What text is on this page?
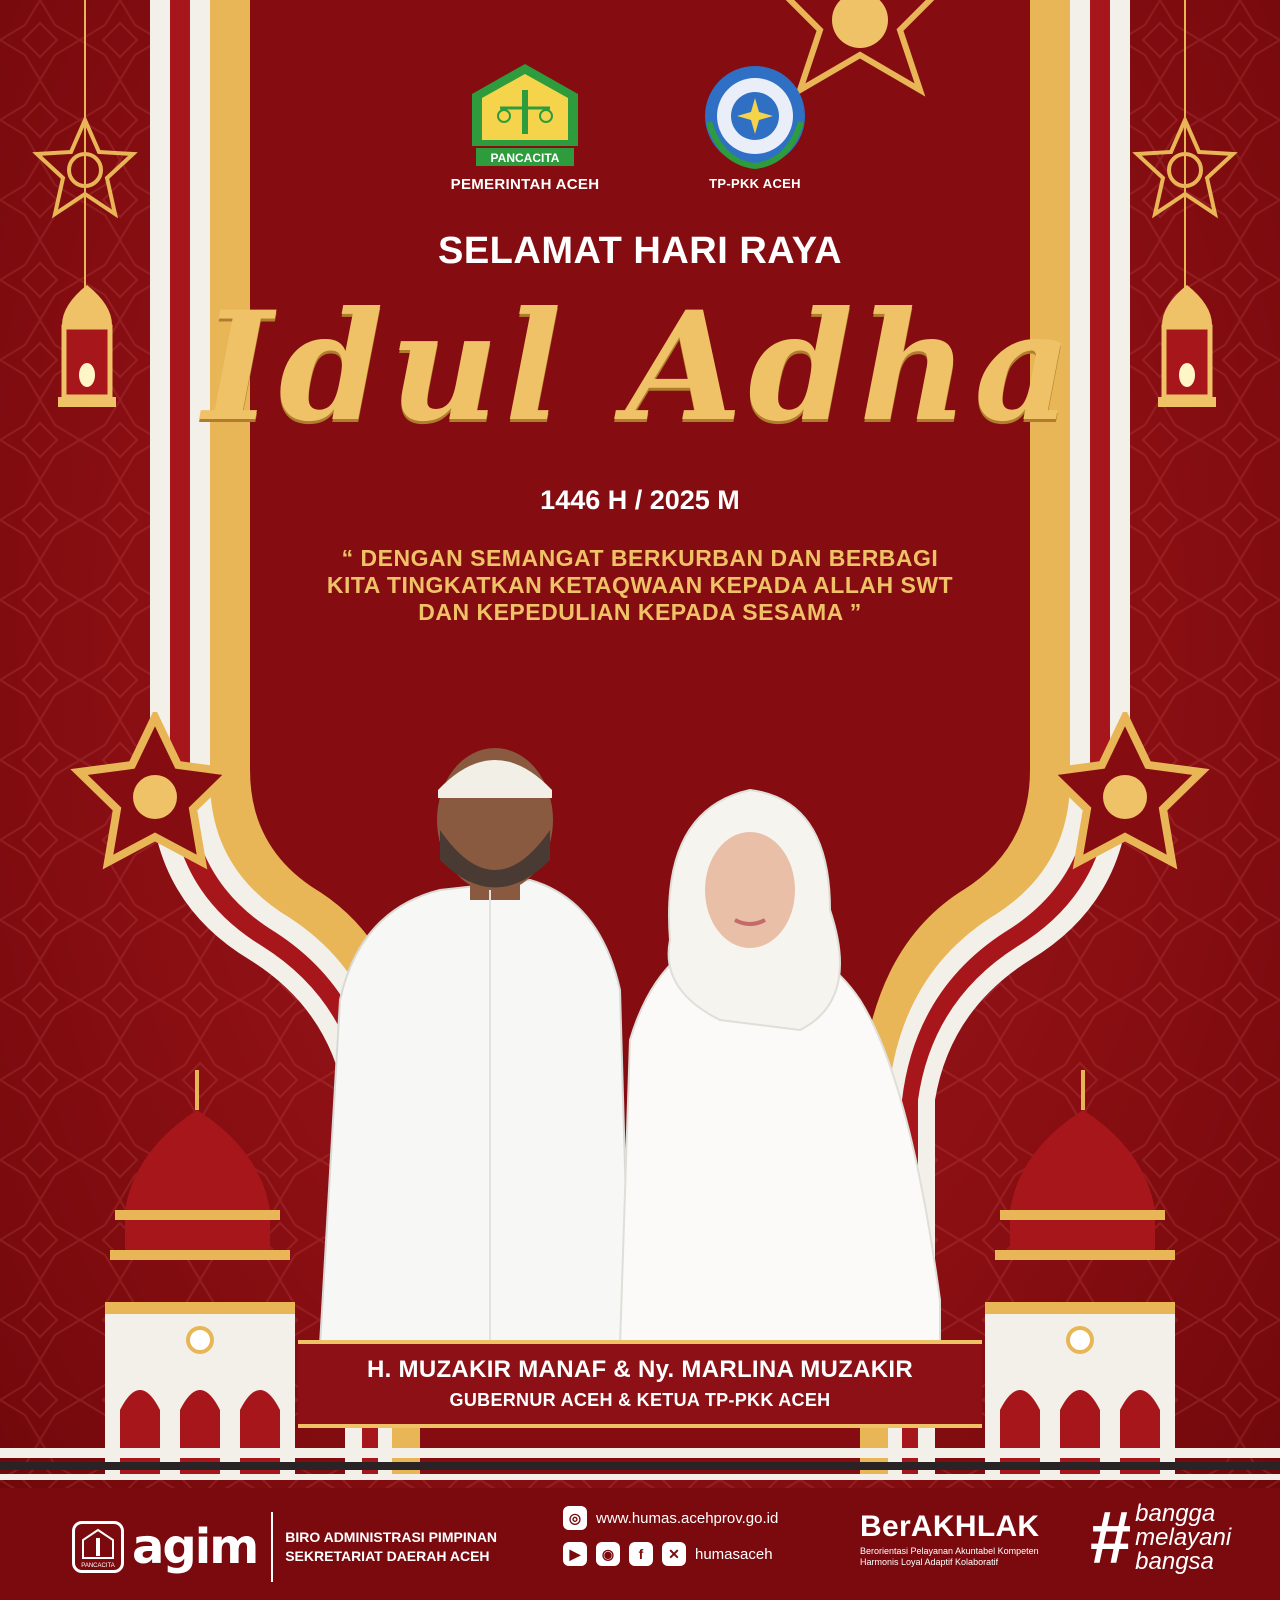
PANCACITA
PEMERINTAH ACEH	TP-PKK ACEH
SELAMAT HARI RAYA
Idul Adha
1446 H / 2025 M
“ DENGAN SEMANGAT BERKURBAN DAN BERBAGI
KITA TINGKATKAN KETAQWAAN KEPADA ALLAH SWT
DAN KEPEDULIAN KEPADA SESAMA ”
H. MUZAKIR MANAF & Ny. MARLINA MUZAKIR
GUBERNUR ACEH & KETUA TP-PKK ACEH
PANCACITA agim BIRO ADMINISTRASI PIMPINAN
SEKRETARIAT DAERAH ACEH
◎ www.humas.acehprov.go.id
▶	◉	f	✕	humasaceh
BerAKHLAK
Berorientasi Pelayanan Akuntabel Kompeten
Harmonis Loyal Adaptif Kolaboratif	# bangga
melayani
bangsa
